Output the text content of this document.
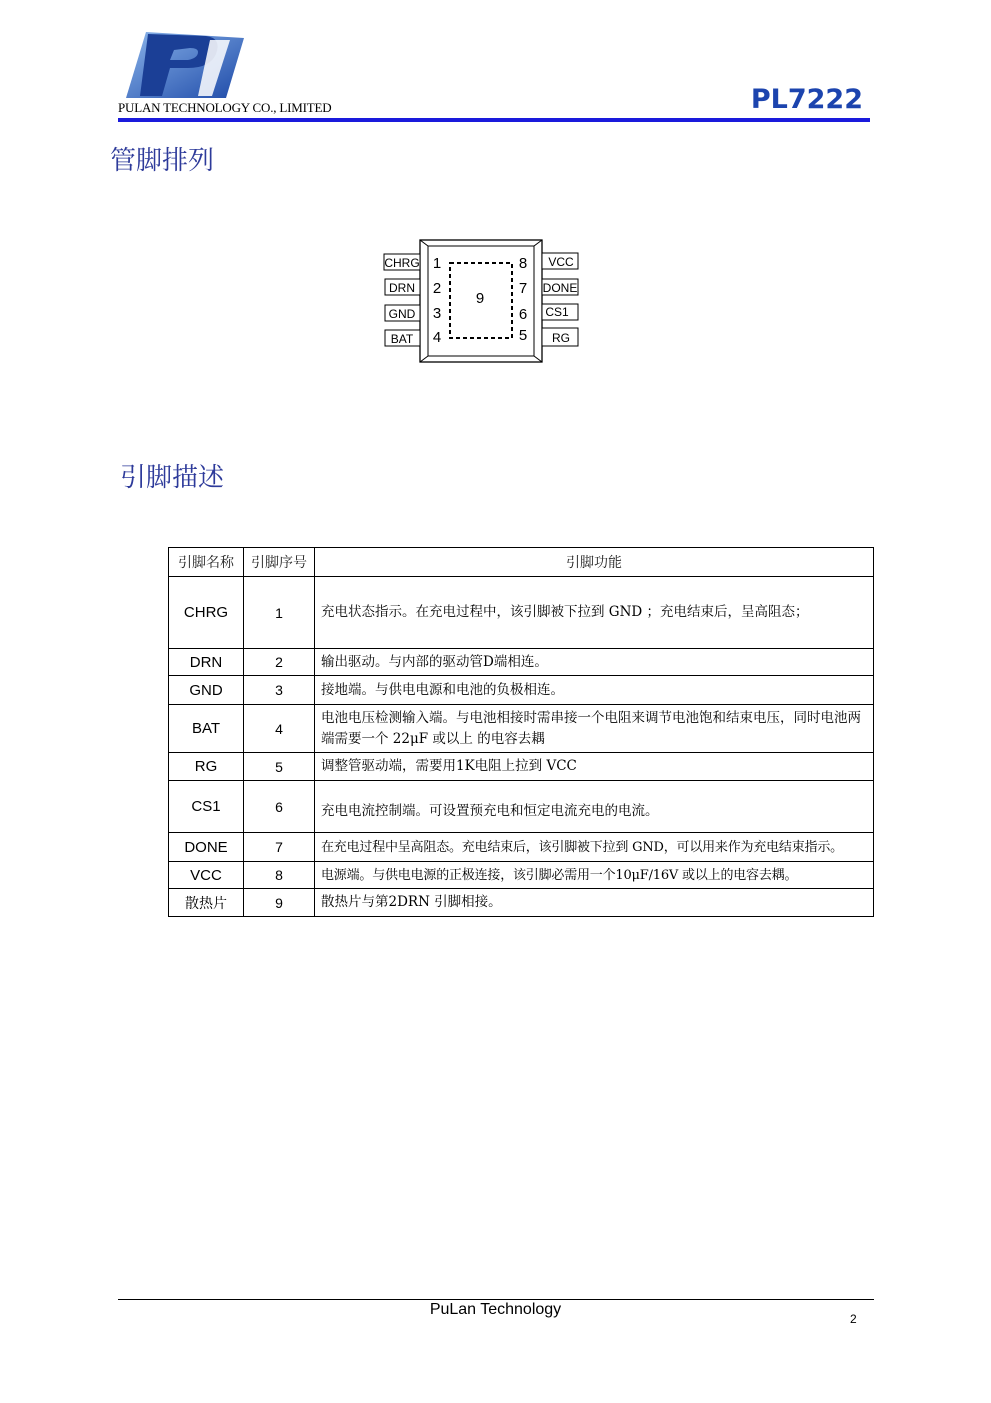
PULAN TECHNOLOGY CO., LIMITED	PL7222
管脚排列
9
CHRG 1
DRN 2
GND 3
BAT 4
VCC
8
DONE
7
CS1
6
RG
5
引脚描述
引脚名称	引脚序号	引脚功能
CHRG	1	充电状态指示。在充电过程中，该引脚被下拉到 GND ；充电结束后，呈高阻态；
DRN	2	输出驱动。与内部的驱动管D端相连。
GND	3	接地端。与供电电源和电池的负极相连。
BAT	4	电池电压检测输入端。与电池相接时需串接一个电阻来调节电池饱和结束电压，同时电池两端需要一个 22μF 或以上 的电容去耦
RG	5	调整管驱动端，需要用1K电阻上拉到 VCC
CS1	6	充电电流控制端。可设置预充电和恒定电流充电的电流。
DONE	7	在充电过程中呈高阻态。充电结束后，该引脚被下拉到 GND，可以用来作为充电结束指示。
VCC	8	电源端。与供电电源的正极连接，该引脚必需用一个10μF/16V 或以上的电容去耦。
散热片	9	散热片与第2DRN 引脚相接。
PuLan Technology
2
